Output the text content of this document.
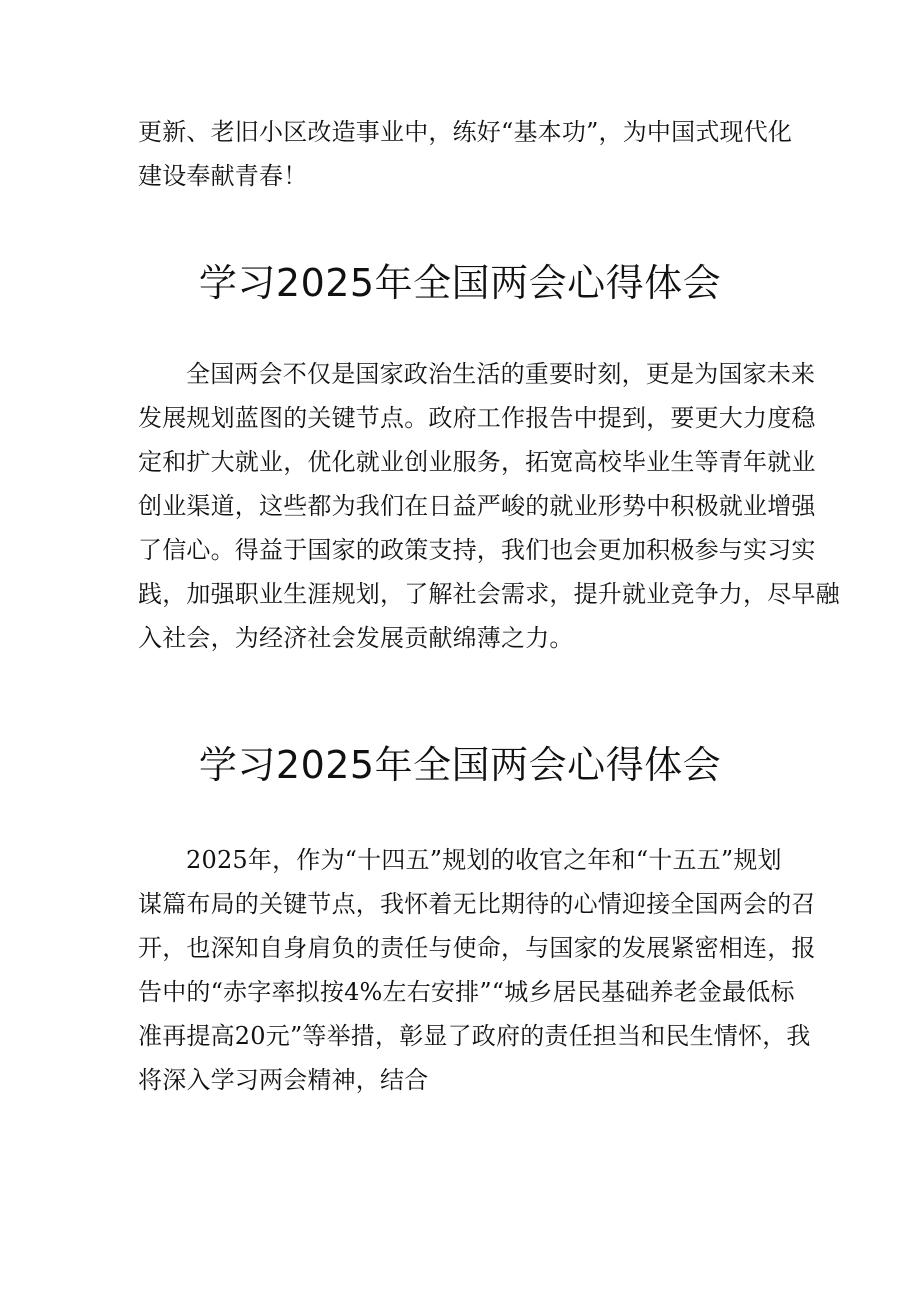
更新、老旧小区改造事业中，练好“基本功”，为中国式现代化
建设奉献青春！

学习2025年全国两会心得体会

全国两会不仅是国家政治生活的重要时刻，更是为国家未来
发展规划蓝图的关键节点。政府工作报告中提到，要更大力度稳
定和扩大就业，优化就业创业服务，拓宽高校毕业生等青年就业
创业渠道，这些都为我们在日益严峻的就业形势中积极就业增强
了信心。得益于国家的政策支持，我们也会更加积极参与实习实
践，加强职业生涯规划，了解社会需求，提升就业竞争力，尽早融
入社会，为经济社会发展贡献绵薄之力。

学习2025年全国两会心得体会

2025年，作为“十四五”规划的收官之年和“十五五”规划
谋篇布局的关键节点，我怀着无比期待的心情迎接全国两会的召
开，也深知自身肩负的责任与使命，与国家的发展紧密相连，报
告中的“赤字率拟按4%左右安排”“城乡居民基础养老金最低标
准再提高20元”等举措，彰显了政府的责任担当和民生情怀，我
将深入学习两会精神，结合
